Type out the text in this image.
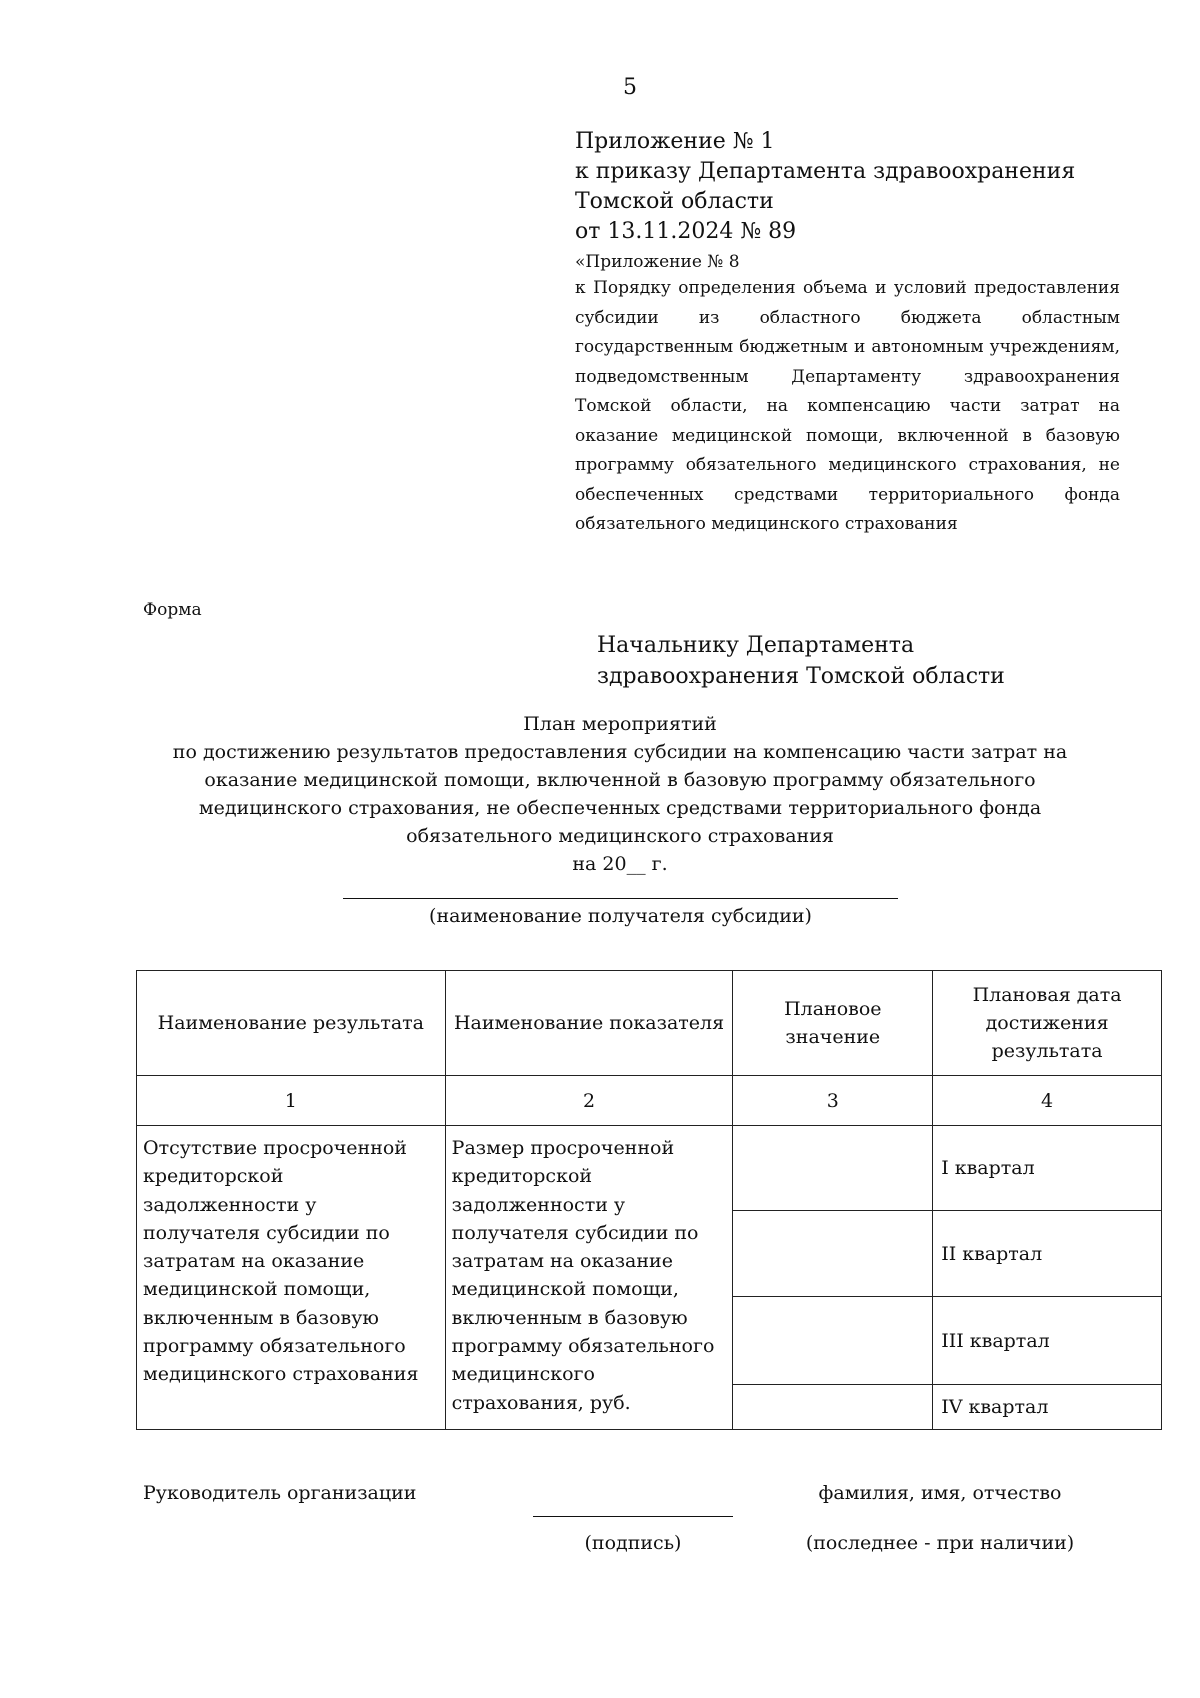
5
Приложение № 1
к приказу Департамента здравоохранения
Томской области
от 13.11.2024 № 89
«Приложение № 8
к Порядку определения объема и условий предоставления субсидии из областного бюджета областным государственным бюджетным и автономным учреждениям, подведомственным Департаменту здравоохранения Томской области, на компенсацию части затрат на оказание медицинской помощи, включенной в базовую программу обязательного медицинского страхования, не обеспеченных средствами территориального фонда обязательного медицинского страхования
Форма
Начальнику Департамента
здравоохранения Томской области
План мероприятий
по достижению результатов предоставления субсидии на компенсацию части затрат на
оказание медицинской помощи, включенной в базовую программу обязательного
медицинского страхования, не обеспеченных средствами территориального фонда
обязательного медицинского страхования
на 20__ г.
(наименование получателя субсидии)
Наименование результата	Наименование показателя	Плановое значение	Плановая дата достижения результата
1	2	3	4
Отсутствие просроченной кредиторской задолженности у получателя субсидии по затратам на оказание медицинской помощи, включенным в базовую программу обязательного медицинского страхования	Размер просроченной кредиторской задолженности у получателя субсидии по затратам на оказание медицинской помощи, включенным в базовую программу обязательного медицинского страхования, руб.		I квартал
			II квартал
			III квартал
			IV квартал
Руководитель организации
(подпись)
фамилия, имя, отчество
(последнее - при наличии)
